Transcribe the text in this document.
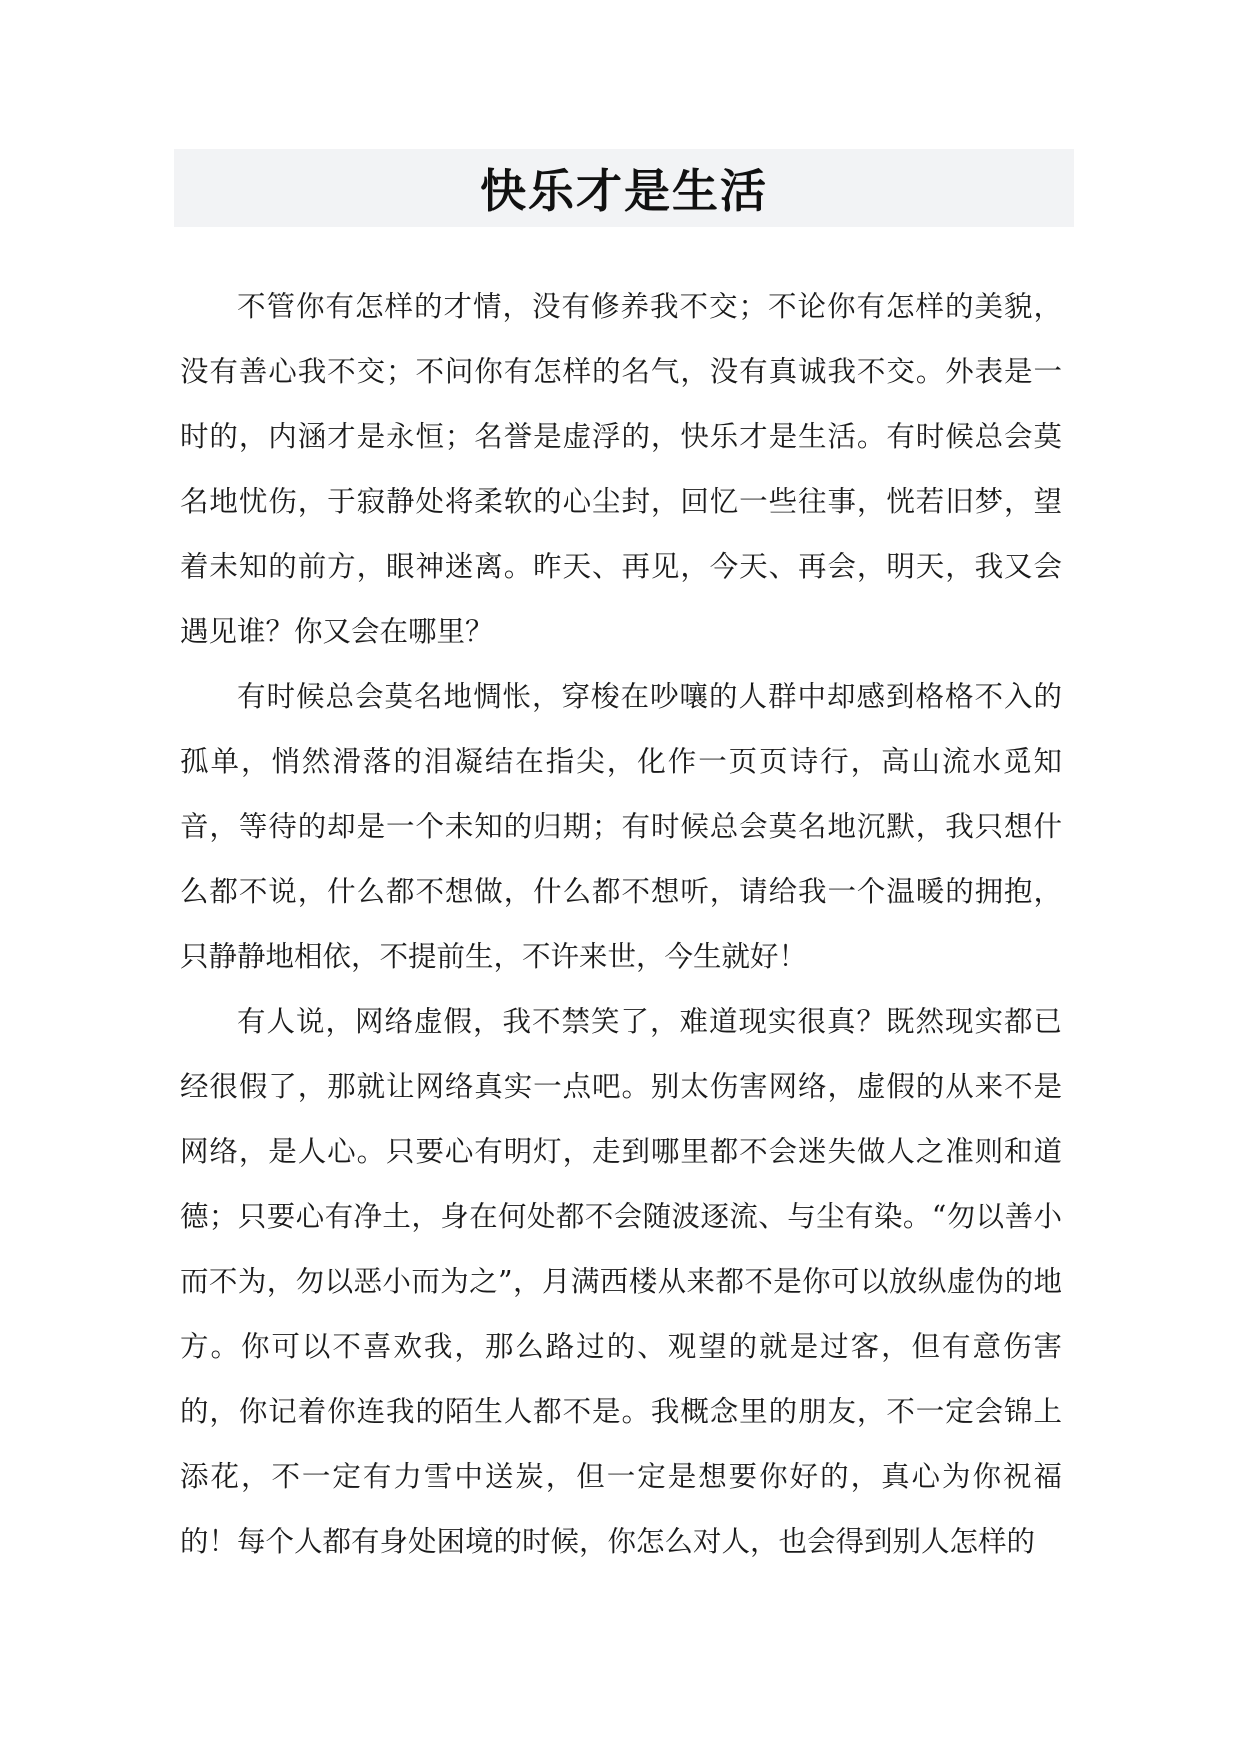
快乐才是生活

不管你有怎样的才情，没有修养我不交；不论你有怎样的美貌，没有善心我不交；不问你有怎样的名气，没有真诚我不交。外表是一时的，内涵才是永恒；名誉是虚浮的，快乐才是生活。有时候总会莫名地忧伤，于寂静处将柔软的心尘封，回忆一些往事，恍若旧梦，望着未知的前方，眼神迷离。昨天、再见，今天、再会，明天，我又会遇见谁？你又会在哪里？

有时候总会莫名地惆怅，穿梭在吵嚷的人群中却感到格格不入的孤单，悄然滑落的泪凝结在指尖，化作一页页诗行，高山流水觅知音，等待的却是一个未知的归期；有时候总会莫名地沉默，我只想什么都不说，什么都不想做，什么都不想听，请给我一个温暖的拥抱，只静静地相依，不提前生，不许来世，今生就好！

有人说，网络虚假，我不禁笑了，难道现实很真？既然现实都已经很假了，那就让网络真实一点吧。别太伤害网络，虚假的从来不是网络，是人心。只要心有明灯，走到哪里都不会迷失做人之准则和道德；只要心有净土，身在何处都不会随波逐流、与尘有染。“勿以善小而不为，勿以恶小而为之”，月满西楼从来都不是你可以放纵虚伪的地方。你可以不喜欢我，那么路过的、观望的就是过客，但有意伤害的，你记着你连我的陌生人都不是。我概念里的朋友，不一定会锦上添花，不一定有力雪中送炭，但一定是想要你好的，真心为你祝福的！每个人都有身处困境的时候，你怎么对人，也会得到别人怎样的
